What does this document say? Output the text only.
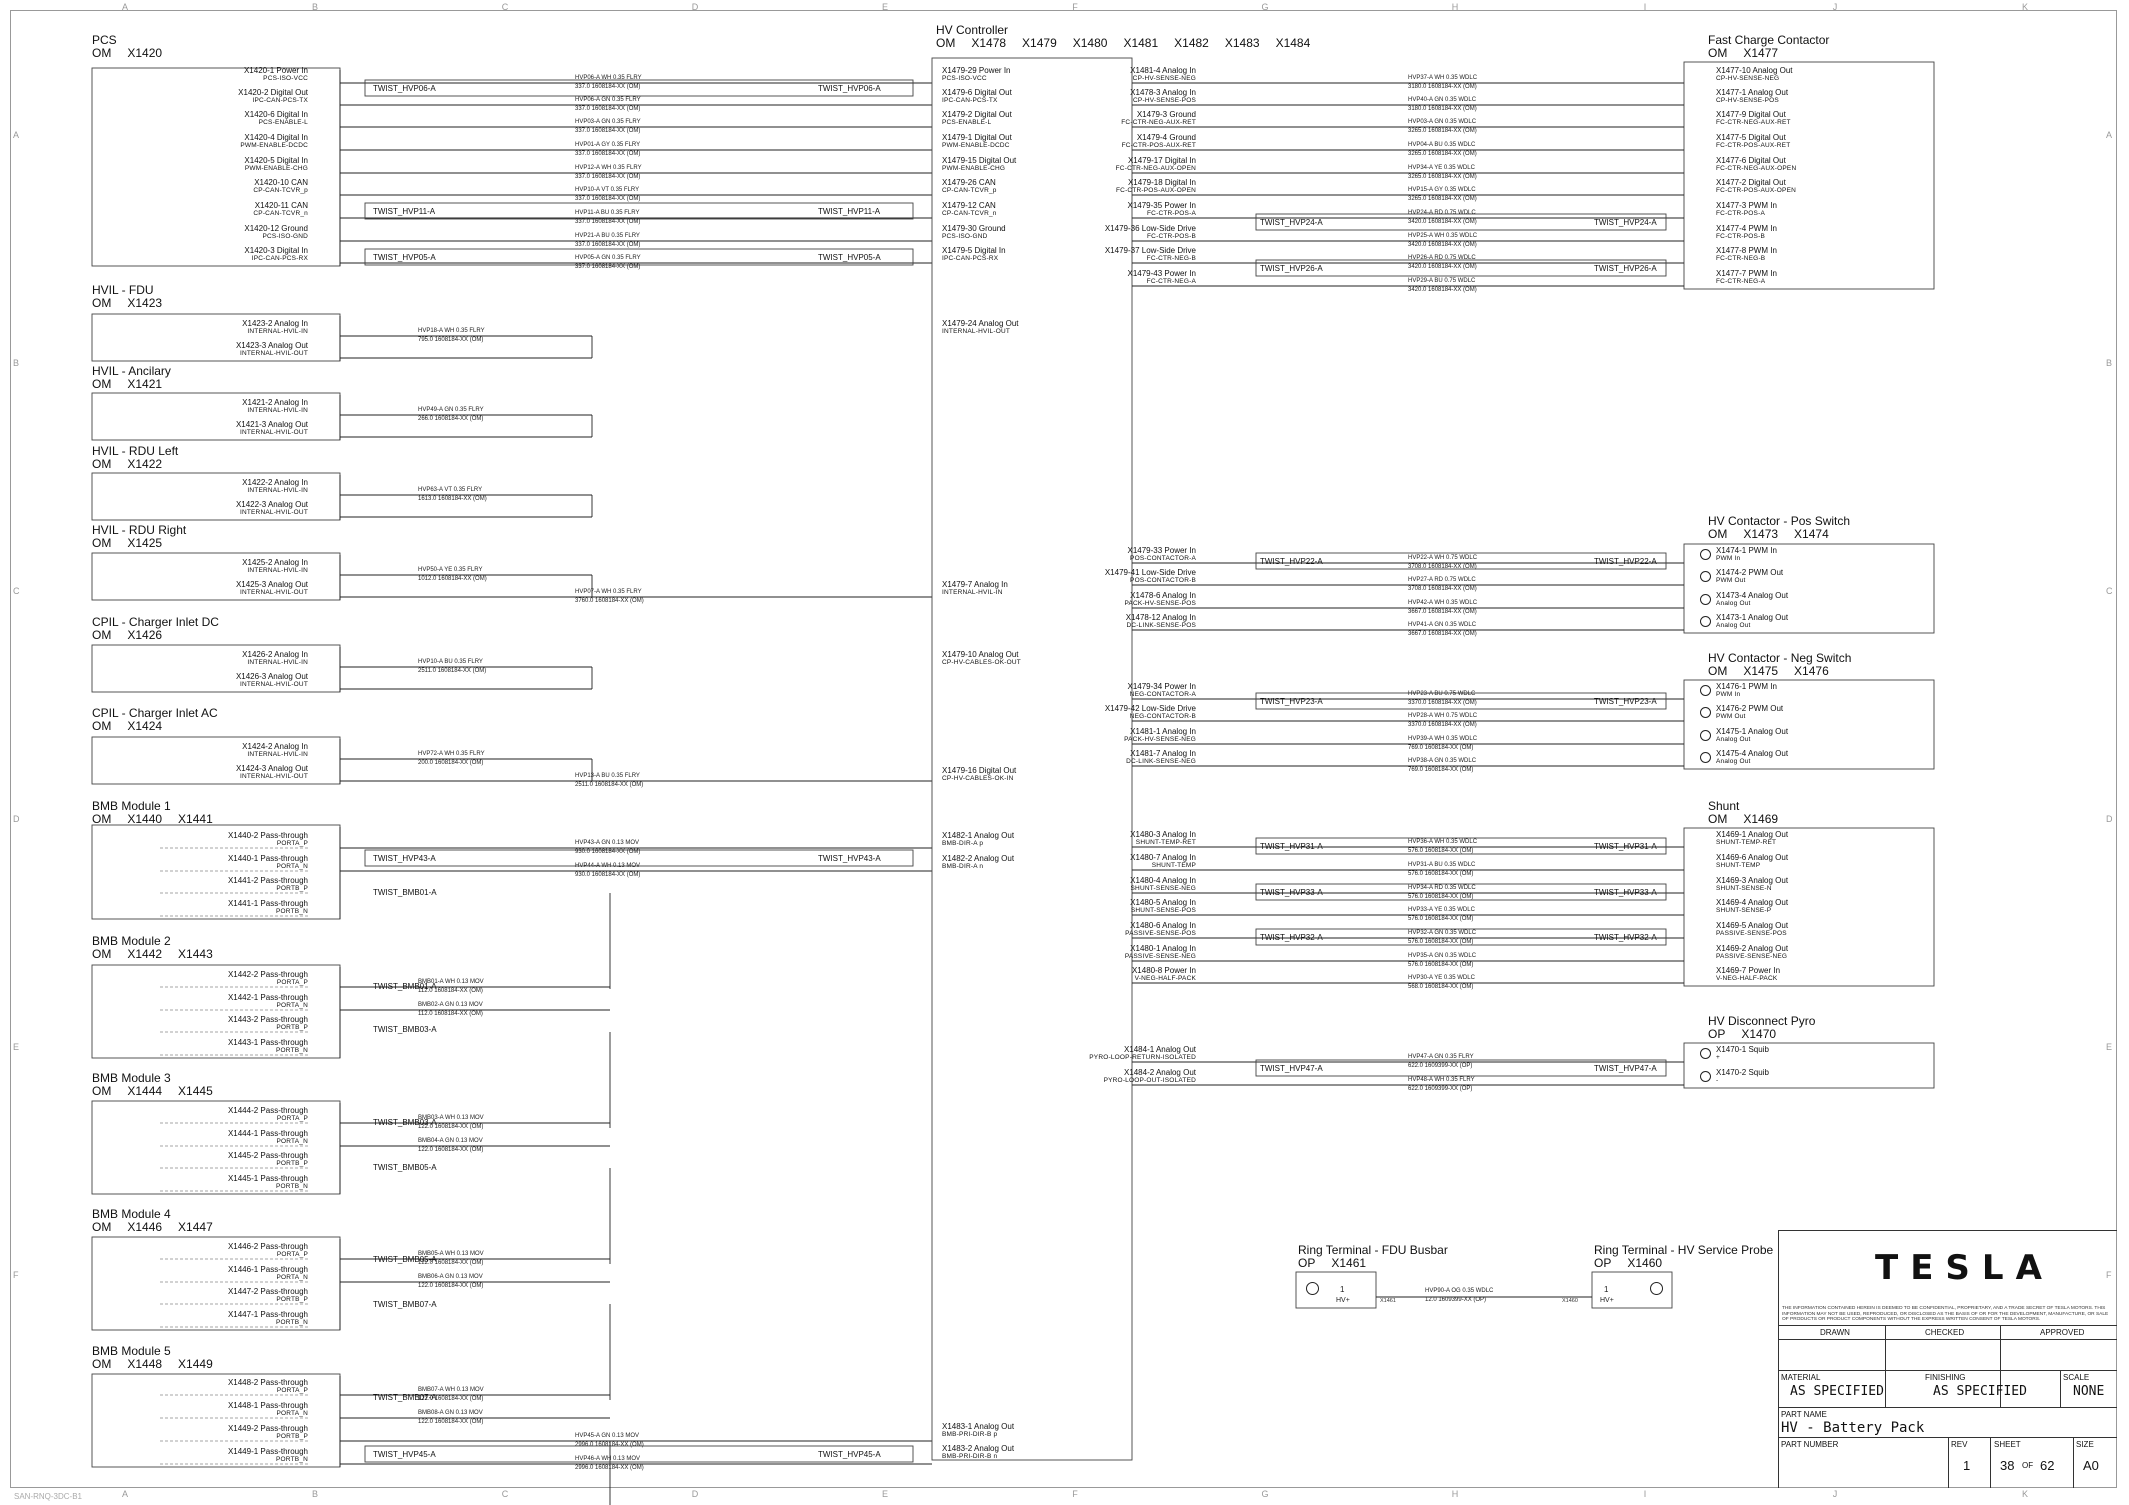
TESLA
THE INFORMATION CONTAINED HEREIN IS DEEMED TO BE CONFIDENTIAL, PROPRIETARY, AND A TRADE SECRET OF TESLA MOTORS. THIS INFORMATION MAY NOT BE USED, REPRODUCED, OR DISCLOSED AS THE BASIS OF OR FOR THE DEVELOPMENT, MANUFACTURE, OR SALE OF PRODUCTS OR PRODUCT COMPONENTS WITHOUT THE EXPRESS WRITTEN CONSENT OF TESLA MOTORS.
DRAWN	CHECKED	APPROVED
MATERIAL
AS SPECIFIED
FINISHING
AS SPECIFIED
SCALE
NONE
PART NAME
HV - Battery Pack
PART NUMBER	REV
1
SHEET
38 OF 62
SIZE
A0
SAN-RNQ-3DC-B1
A
A
B
B
C
C
D
D
E
E
F
F
G
G
H
H
I
I
J
J
K
K
A	A
B	B
C	C
D	D
E	E
F	F
PCS
OM X1420
X1420-1 Power In
PCS-ISO-VCC	HVP06-A WH 0.35 FLRY
337.0 1608184-XX (OM)
X1420-2 Digital Out
IPC-CAN-PCS-TX	HVP06-A GN 0.35 FLRY
337.0 1608184-XX (OM)
X1420-6 Digital In
PCS-ENABLE-L	HVP03-A GN 0.35 FLRY
337.0 1608184-XX (OM)
X1420-4 Digital In
PWM-ENABLE-DCDC	HVP01-A GY 0.35 FLRY
337.0 1608184-XX (OM)
X1420-5 Digital In
PWM-ENABLE-CHG	HVP12-A WH 0.35 FLRY
337.0 1608184-XX (OM)
X1420-10 CAN
CP-CAN-TCVR_p	HVP10-A VT 0.35 FLRY
337.0 1608184-XX (OM)
X1420-11 CAN
CP-CAN-TCVR_n	HVP11-A BU 0.35 FLRY
337.0 1608184-XX (OM)
X1420-12 Ground
PCS-ISO-GND	HVP21-A BU 0.35 FLRY
337.0 1608184-XX (OM)
X1420-3 Digital In
IPC-CAN-PCS-RX	HVP05-A GN 0.35 FLRY
337.0 1608184-XX (OM)
HVIL - FDU
OM X1423
X1423-2 Analog In
INTERNAL-HVIL-IN	HVP18-A WH 0.35 FLRY
795.0 1608184-XX (OM)
X1423-3 Analog Out
INTERNAL-HVIL-OUT
HVIL - Ancilary
OM X1421
X1421-2 Analog In
INTERNAL-HVIL-IN	HVP49-A GN 0.35 FLRY
266.0 1608184-XX (OM)
X1421-3 Analog Out
INTERNAL-HVIL-OUT
HVIL - RDU Left
OM X1422
X1422-2 Analog In
INTERNAL-HVIL-IN	HVP63-A VT 0.35 FLRY
1613.0 1608184-XX (OM)
X1422-3 Analog Out
INTERNAL-HVIL-OUT
HVIL - RDU Right
OM X1425
X1425-2 Analog In
INTERNAL-HVIL-IN	HVP50-A YE 0.35 FLRY
1012.0 1608184-XX (OM)
X1425-3 Analog Out
INTERNAL-HVIL-OUT	HVP07-A WH 0.35 FLRY
3760.0 1608184-XX (OM)
CPIL - Charger Inlet DC
OM X1426
X1426-2 Analog In
INTERNAL-HVIL-IN	HVP10-A BU 0.35 FLRY
2511.0 1608184-XX (OM)
X1426-3 Analog Out
INTERNAL-HVIL-OUT
CPIL - Charger Inlet AC
OM X1424
X1424-2 Analog In
INTERNAL-HVIL-IN	HVP72-A WH 0.35 FLRY
200.0 1608184-XX (OM)
X1424-3 Analog Out
INTERNAL-HVIL-OUT	HVP13-A BU 0.35 FLRY
2511.0 1608184-XX (OM)
BMB Module 1
OM X1440 X1441
X1440-2 Pass-through
PORTA_P	HVP43-A GN 0.13 MOV
930.0 1608184-XX (OM)
X1440-1 Pass-through
PORTA_N	HVP44-A WH 0.13 MOV
930.0 1608184-XX (OM)
X1441-2 Pass-through
PORTB_P
X1441-1 Pass-through
PORTB_N
BMB Module 2
OM X1442 X1443
X1442-2 Pass-through
PORTA_P	BMB01-A WH 0.13 MOV
112.0 1608184-XX (OM)
X1442-1 Pass-through
PORTA_N	BMB02-A GN 0.13 MOV
112.0 1608184-XX (OM)
X1443-2 Pass-through
PORTB_P
X1443-1 Pass-through
PORTB_N
BMB Module 3
OM X1444 X1445
X1444-2 Pass-through
PORTA_P	BMB03-A WH 0.13 MOV
122.0 1608184-XX (OM)
X1444-1 Pass-through
PORTA_N	BMB04-A GN 0.13 MOV
122.0 1608184-XX (OM)
X1445-2 Pass-through
PORTB_P
X1445-1 Pass-through
PORTB_N
BMB Module 4
OM X1446 X1447
X1446-2 Pass-through
PORTA_P	BMB05-A WH 0.13 MOV
122.0 1608184-XX (OM)
X1446-1 Pass-through
PORTA_N	BMB06-A GN 0.13 MOV
122.0 1608184-XX (OM)
X1447-2 Pass-through
PORTB_P
X1447-1 Pass-through
PORTB_N
BMB Module 5
OM X1448 X1449
X1448-2 Pass-through
PORTA_P	BMB07-A WH 0.13 MOV
122.0 1608184-XX (OM)
X1448-1 Pass-through
PORTA_N	BMB08-A GN 0.13 MOV
122.0 1608184-XX (OM)
X1449-2 Pass-through
PORTB_P	HVP45-A GN 0.13 MOV
2996.0 1608184-XX (OM)
X1449-1 Pass-through
PORTB_N	HVP46-A WH 0.13 MOV
2996.0 1608184-XX (OM)
HV Controller
OM X1478 X1479 X1480 X1481 X1482 X1483 X1484
X1479-29 Power In
PCS-ISO-VCC
X1479-6 Digital Out
IPC-CAN-PCS-TX
X1479-2 Digital Out
PCS-ENABLE-L
X1479-1 Digital Out
PWM-ENABLE-DCDC
X1479-15 Digital Out
PWM-ENABLE-CHG
X1479-26 CAN
CP-CAN-TCVR_p
X1479-12 CAN
CP-CAN-TCVR_n
X1479-30 Ground
PCS-ISO-GND
X1479-5 Digital In
IPC-CAN-PCS-RX
X1479-24 Analog Out
INTERNAL-HVIL-OUT
X1479-7 Analog In
INTERNAL-HVIL-IN
X1479-10 Analog Out
CP-HV-CABLES-OK-OUT
X1479-16 Digital Out
CP-HV-CABLES-OK-IN
X1482-1 Analog Out
BMB-DIR-A p
X1482-2 Analog Out
BMB-DIR-A n
X1483-1 Analog Out
BMB-PRI-DIR-B p
X1483-2 Analog Out
BMB-PRI-DIR-B n
X1481-4 Analog In
CP-HV-SENSE-NEG
X1478-3 Analog In
CP-HV-SENSE-POS
X1479-3 Ground
FC-CTR-NEG-AUX-RET
X1479-4 Ground
FC-CTR-POS-AUX-RET
X1479-17 Digital In
FC-CTR-NEG-AUX-OPEN
X1479-18 Digital In
FC-CTR-POS-AUX-OPEN
X1479-35 Power In
FC-CTR-POS-A
X1479-36 Low-Side Drive
FC-CTR-POS-B
X1479-37 Low-Side Drive
FC-CTR-NEG-B
X1479-43 Power In
FC-CTR-NEG-A
X1479-33 Power In
POS-CONTACTOR-A
X1479-41 Low-Side Drive
POS-CONTACTOR-B
X1478-6 Analog In
PACK-HV-SENSE-POS
X1478-12 Analog In
DC-LINK-SENSE-POS
X1479-34 Power In
NEG-CONTACTOR-A
X1479-42 Low-Side Drive
NEG-CONTACTOR-B
X1481-1 Analog In
PACK-HV-SENSE-NEG
X1481-7 Analog In
DC-LINK-SENSE-NEG
X1480-3 Analog In
SHUNT-TEMP-RET
X1480-7 Analog In
SHUNT-TEMP
X1480-4 Analog In
SHUNT-SENSE-NEG
X1480-5 Analog In
SHUNT-SENSE-POS
X1480-6 Analog In
PASSIVE-SENSE-POS
X1480-1 Analog In
PASSIVE-SENSE-NEG
X1480-8 Power In
V-NEG-HALF-PACK
X1484-1 Analog Out
PYRO-LOOP-RETURN-ISOLATED
X1484-2 Analog Out
PYRO-LOOP-OUT-ISOLATED
Fast Charge Contactor
OM X1477
X1477-10 Analog Out
CP-HV-SENSE-NEG
HVP37-A WH 0.35 WDLC
3180.0 1608184-XX (OM)
X1477-1 Analog Out
CP-HV-SENSE-POS
HVP40-A GN 0.35 WDLC
3180.0 1608184-XX (OM)
X1477-9 Digital Out
FC-CTR-NEG-AUX-RET
HVP03-A GN 0.35 WDLC
3265.0 1608184-XX (OM)
X1477-5 Digital Out
FC-CTR-POS-AUX-RET
HVP04-A BU 0.35 WDLC
3265.0 1608184-XX (OM)
X1477-6 Digital Out
FC-CTR-NEG-AUX-OPEN
HVP34-A YE 0.35 WDLC
3265.0 1608184-XX (OM)
X1477-2 Digital Out
FC-CTR-POS-AUX-OPEN
HVP15-A GY 0.35 WDLC
3265.0 1608184-XX (OM)
X1477-3 PWM In
FC-CTR-POS-A
HVP24-A RD 0.75 WDLC
3420.0 1608184-XX (OM)
X1477-4 PWM In
FC-CTR-POS-B
HVP25-A WH 0.35 WDLC
3420.0 1608184-XX (OM)
X1477-8 PWM In
FC-CTR-NEG-B
HVP26-A RD 0.75 WDLC
3420.0 1608184-XX (OM)
X1477-7 PWM In
FC-CTR-NEG-A
HVP29-A BU 0.75 WDLC
3420.0 1608184-XX (OM)
HV Contactor - Pos Switch
OM X1473 X1474
X1474-1 PWM In
PWM In
HVP22-A WH 0.75 WDLC
3708.0 1608184-XX (OM)
X1474-2 PWM Out
PWM Out
HVP27-A RD 0.75 WDLC
3708.0 1608184-XX (OM)
X1473-4 Analog Out
Analog Out
HVP42-A WH 0.35 WDLC
3667.0 1608184-XX (OM)
X1473-1 Analog Out
Analog Out
HVP41-A GN 0.35 WDLC
3667.0 1608184-XX (OM)
HV Contactor - Neg Switch
OM X1475 X1476
X1476-1 PWM In
PWM In
HVP23-A BU 0.75 WDLC
3370.0 1608184-XX (OM)
X1476-2 PWM Out
PWM Out
HVP28-A WH 0.75 WDLC
3370.0 1608184-XX (OM)
X1475-1 Analog Out
Analog Out
HVP39-A WH 0.35 WDLC
769.0 1608184-XX (OM)
X1475-4 Analog Out
Analog Out
HVP38-A GN 0.35 WDLC
769.0 1608184-XX (OM)
Shunt
OM X1469
X1469-1 Analog Out
SHUNT-TEMP-RET
HVP36-A WH 0.35 WDLC
576.0 1608184-XX (OM)
X1469-6 Analog Out
SHUNT-TEMP
HVP31-A BU 0.35 WDLC
576.0 1608184-XX (OM)
X1469-3 Analog Out
SHUNT-SENSE-N
HVP34-A RD 0.35 WDLC
576.0 1608184-XX (OM)
X1469-4 Analog Out
SHUNT-SENSE-P
HVP33-A YE 0.35 WDLC
576.0 1608184-XX (OM)
X1469-5 Analog Out
PASSIVE-SENSE-POS
HVP32-A GN 0.35 WDLC
576.0 1608184-XX (OM)
X1469-2 Analog Out
PASSIVE-SENSE-NEG
HVP35-A GN 0.35 WDLC
576.0 1608184-XX (OM)
X1469-7 Power In
V-NEG-HALF-PACK
HVP30-A YE 0.35 WDLC
568.0 1608184-XX (OM)
HV Disconnect Pyro
OP X1470
X1470-1 Squib
+
HVP47-A GN 0.35 FLRY
622.0 1609399-XX (OP)
X1470-2 Squib
-
HVP48-A WH 0.35 FLRY
622.0 1609399-XX (OP)
TWIST_HVP06-A	TWIST_HVP06-A
TWIST_HVP11-A	TWIST_HVP11-A
TWIST_HVP05-A	TWIST_HVP05-A
TWIST_HVP43-A	TWIST_HVP43-A
TWIST_HVP45-A	TWIST_HVP45-A
TWIST_BMB01-A
TWIST_BMB01-A
TWIST_BMB03-A
TWIST_BMB03-A
TWIST_BMB05-A
TWIST_BMB05-A
TWIST_BMB07-A
TWIST_BMB07-A
TWIST_HVP24-A	TWIST_HVP24-A
TWIST_HVP26-A	TWIST_HVP26-A
TWIST_HVP22-A	TWIST_HVP22-A
TWIST_HVP23-A	TWIST_HVP23-A
TWIST_HVP31-A	TWIST_HVP31-A
TWIST_HVP33-A	TWIST_HVP33-A
TWIST_HVP32-A	TWIST_HVP32-A
TWIST_HVP47-A	TWIST_HVP47-A
Ring Terminal - FDU Busbar
OP X1461
1
HV+
Ring Terminal - HV Service Probe
OP X1460
1
HV+
HVP90-A OG 0.35 WDLC
12.0 1609399-XX (OP)
X1461	X1460
